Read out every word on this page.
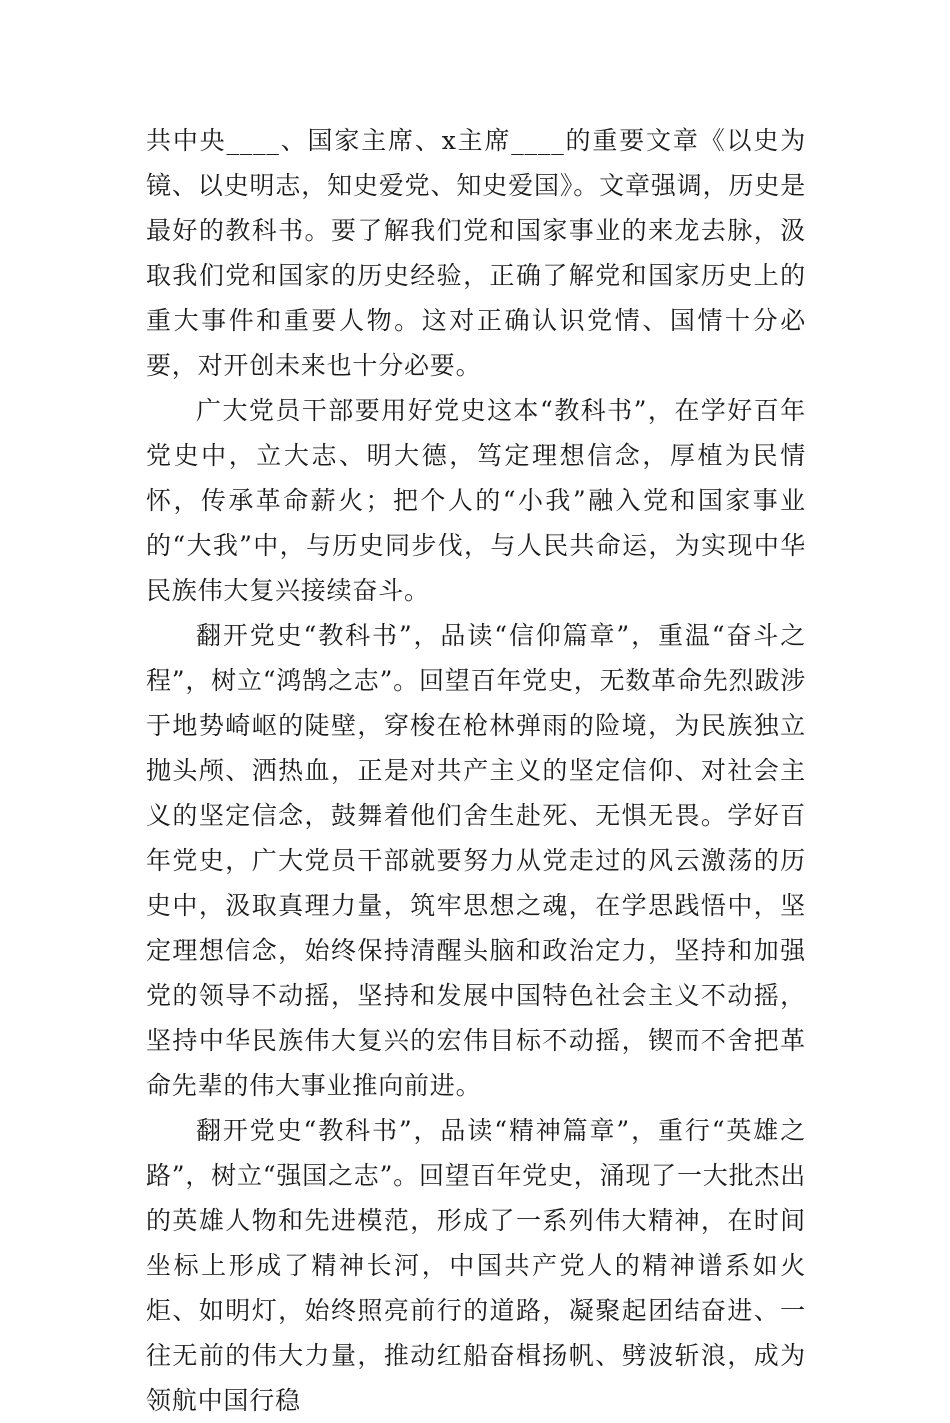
共中央____、国家主席、x主席____的重要文章《以史为镜、以史明志，知史爱党、知史爱国》。文章强调，历史是最好的教科书。要了解我们党和国家事业的来龙去脉，汲取我们党和国家的历史经验，正确了解党和国家历史上的重大事件和重要人物。这对正确认识党情、国情十分必要，对开创未来也十分必要。

广大党员干部要用好党史这本“教科书”，在学好百年党史中，立大志、明大德，笃定理想信念，厚植为民情怀，传承革命薪火；把个人的“小我”融入党和国家事业的“大我”中，与历史同步伐，与人民共命运，为实现中华民族伟大复兴接续奋斗。

翻开党史“教科书”，品读“信仰篇章”，重温“奋斗之程”，树立“鸿鹄之志”。回望百年党史，无数革命先烈跋涉于地势崎岖的陡壁，穿梭在枪林弹雨的险境，为民族独立抛头颅、洒热血，正是对共产主义的坚定信仰、对社会主义的坚定信念，鼓舞着他们舍生赴死、无惧无畏。学好百年党史，广大党员干部就要努力从党走过的风云激荡的历史中，汲取真理力量，筑牢思想之魂，在学思践悟中，坚定理想信念，始终保持清醒头脑和政治定力，坚持和加强党的领导不动摇，坚持和发展中国特色社会主义不动摇，坚持中华民族伟大复兴的宏伟目标不动摇，锲而不舍把革命先辈的伟大事业推向前进。

翻开党史“教科书”，品读“精神篇章”，重行“英雄之路”，树立“强国之志”。回望百年党史，涌现了一大批杰出的英雄人物和先进模范，形成了一系列伟大精神，在时间坐标上形成了精神长河，中国共产党人的精神谱系如火炬、如明灯，始终照亮前行的道路，凝聚起团结奋进、一往无前的伟大力量，推动红船奋楫扬帆、劈波斩浪，成为领航中国行稳
